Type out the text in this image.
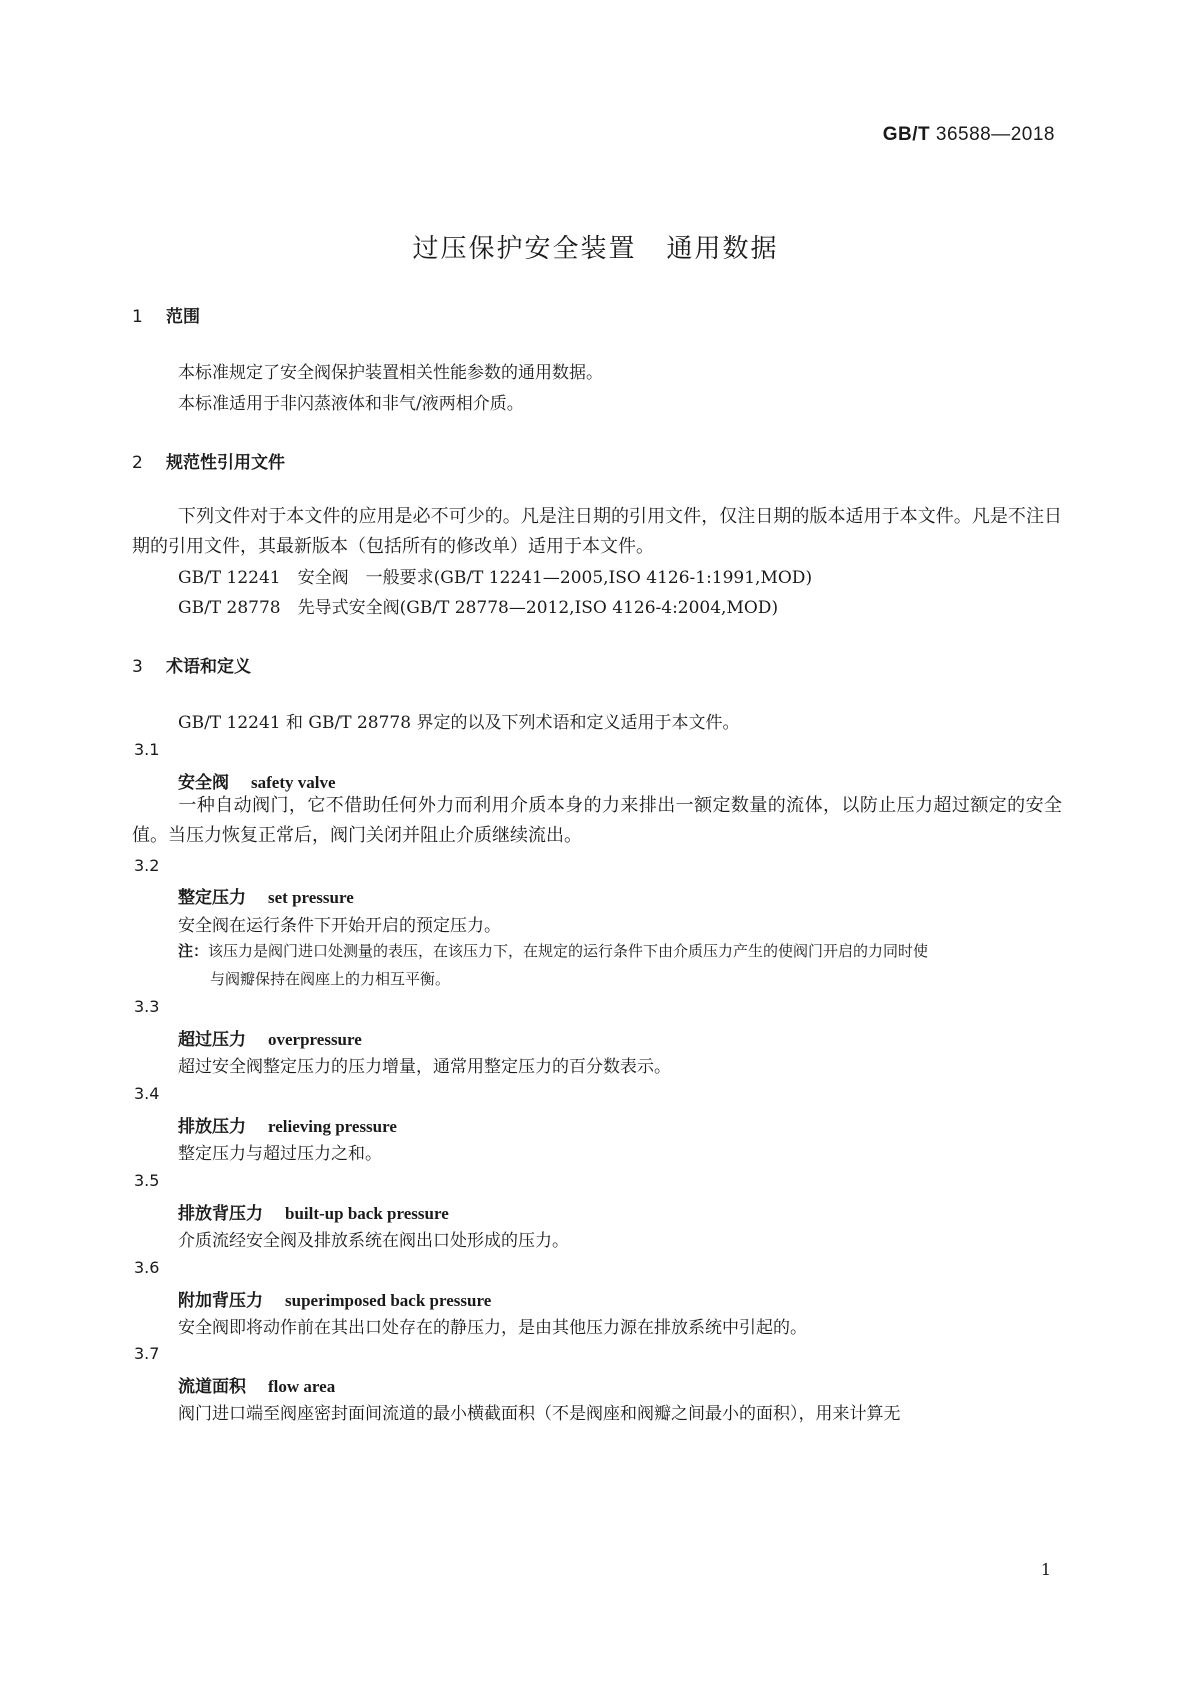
GB/T 36588—2018
过压保护安全装置 通用数据
1 范围
本标准规定了安全阀保护装置相关性能参数的通用数据。
本标准适用于非闪蒸液体和非气/液两相介质。
2 规范性引用文件
下列文件对于本文件的应用是必不可少的。凡是注日期的引用文件，仅注日期的版本适用于本文件。凡是不注日期的引用文件，其最新版本（包括所有的修改单）适用于本文件。
GB/T 12241　安全阀　一般要求(GB/T 12241—2005,ISO 4126-1:1991,MOD)
GB/T 28778　先导式安全阀(GB/T 28778—2012,ISO 4126-4:2004,MOD)
3 术语和定义
GB/T 12241 和 GB/T 28778 界定的以及下列术语和定义适用于本文件。
3.1
安全阀 safety valve
一种自动阀门，它不借助任何外力而利用介质本身的力来排出一额定数量的流体，以防止压力超过额定的安全值。当压力恢复正常后，阀门关闭并阻止介质继续流出。
3.2
整定压力 set pressure
安全阀在运行条件下开始开启的预定压力。
注：该压力是阀门进口处测量的表压，在该压力下，在规定的运行条件下由介质压力产生的使阀门开启的力同时使
与阀瓣保持在阀座上的力相互平衡。
3.3
超过压力 overpressure
超过安全阀整定压力的压力增量，通常用整定压力的百分数表示。
3.4
排放压力 relieving pressure
整定压力与超过压力之和。
3.5
排放背压力 built-up back pressure
介质流经安全阀及排放系统在阀出口处形成的压力。
3.6
附加背压力 superimposed back pressure
安全阀即将动作前在其出口处存在的静压力，是由其他压力源在排放系统中引起的。
3.7
流道面积 flow area
阀门进口端至阀座密封面间流道的最小横截面积（不是阀座和阀瓣之间最小的面积），用来计算无
1
